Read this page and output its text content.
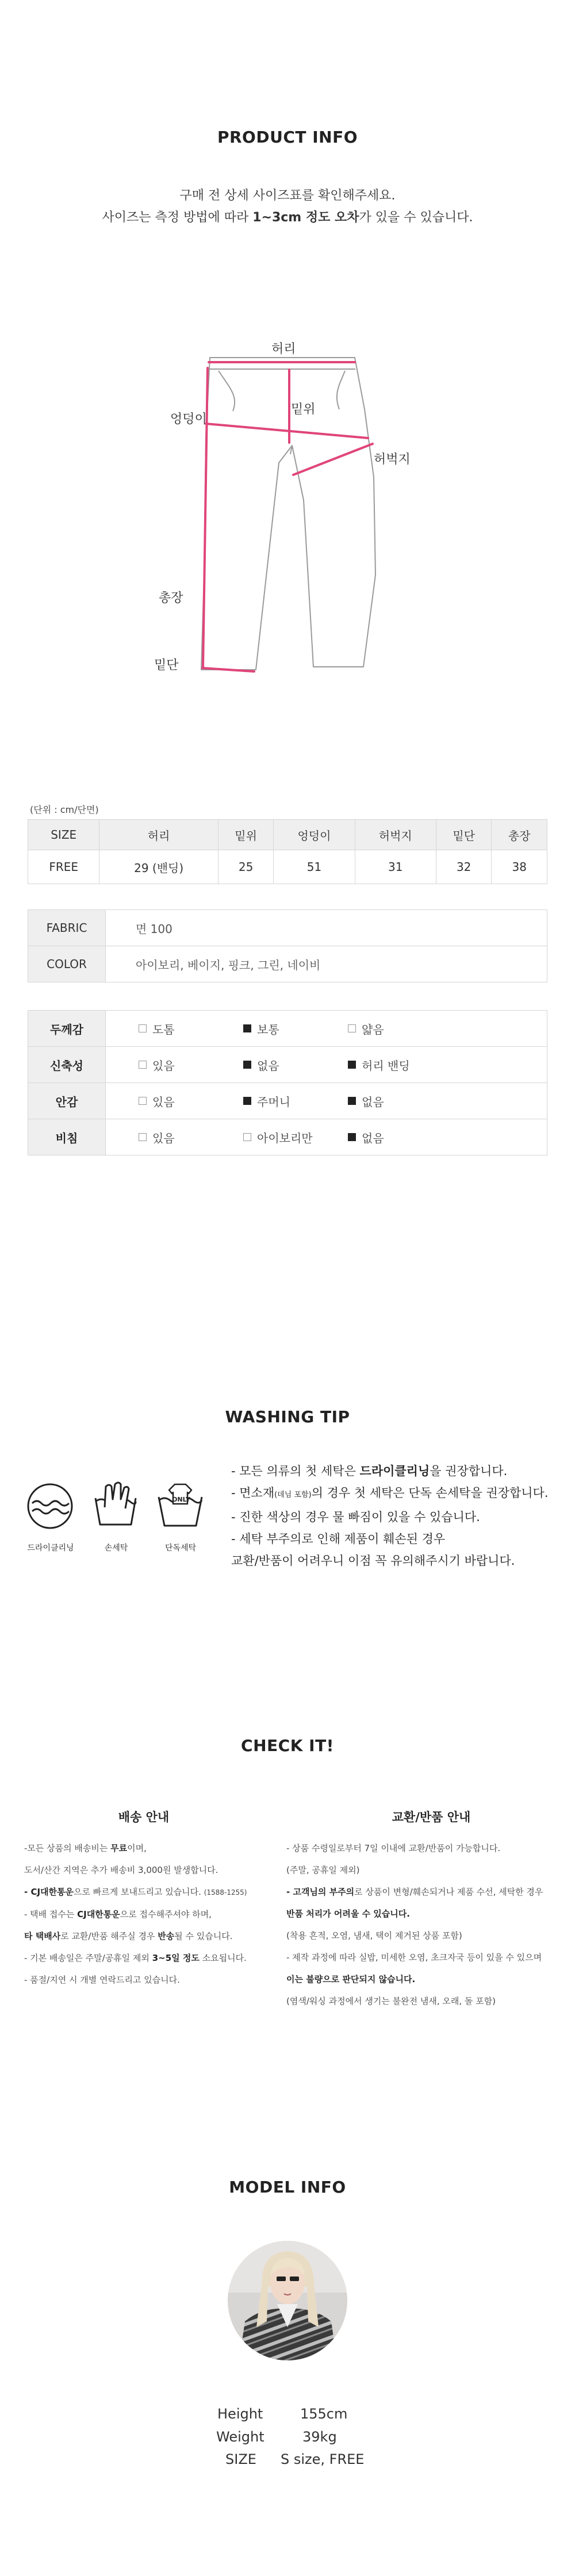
PRODUCT INFO
구매 전 상세 사이즈표를 확인해주세요.
사이즈는 측정 방법에 따라 1~3cm 정도 오차가 있을 수 있습니다.
허리
밑위
엉덩이
허벅지
총장
밑단
(단위 : cm/단면)
SIZE	허리	밑위	엉덩이	허벅지	밑단	총장
FREE	29 (밴딩)	25	51	31	32	38
FABRIC	면 100
COLOR	아이보리, 베이지, 핑크, 그린, 네이비
두께감	도톰	보통	얇음

신축성	있음	없음	허리 밴딩

안감	있음	주머니	없음

비침	있음	아이보리만	없음
WASHING TIP
ONLY
드라이클리닝	손세탁	단독세탁
- 모든 의류의 첫 세탁은 드라이클리닝을 권장합니다.
- 면소재(데님 포함)의 경우 첫 세탁은 단독 손세탁을 권장합니다.
- 진한 색상의 경우 물 빠짐이 있을 수 있습니다.
- 세탁 부주의로 인해 제품이 훼손된 경우
교환/반품이 어려우니 이점 꼭 유의해주시기 바랍니다.
CHECK IT!
배송 안내
-모든 상품의 배송비는 무료이며,
도서/산간 지역은 추가 배송비 3,000원 발생합니다.
- CJ대한통운으로 빠르게 보내드리고 있습니다. (1588-1255)
- 택배 접수는 CJ대한통운으로 접수해주셔야 하며,
타 택배사로 교환/반품 해주실 경우 반송될 수 있습니다.
- 기본 배송일은 주말/공휴일 제외 3~5일 정도 소요됩니다.
- 품절/지연 시 개별 연락드리고 있습니다.
교환/반품 안내
- 상품 수령일로부터 7일 이내에 교환/반품이 가능합니다.
(주말, 공휴일 제외)
- 고객님의 부주의로 상품이 변형/훼손되거나 제품 수선, 세탁한 경우
반품 처리가 어려울 수 있습니다.
(착용 흔적, 오염, 냄새, 택이 제거된 상품 포함)
- 제작 과정에 따라 실밥, 미세한 오염, 초크자국 등이 있을 수 있으며
이는 불량으로 판단되지 않습니다.
(염색/워싱 과정에서 생기는 불완전 냄새, 오래, 돌 포함)
MODEL INFO
Height	155cm
Weight	39kg
SIZE S size, FREE
